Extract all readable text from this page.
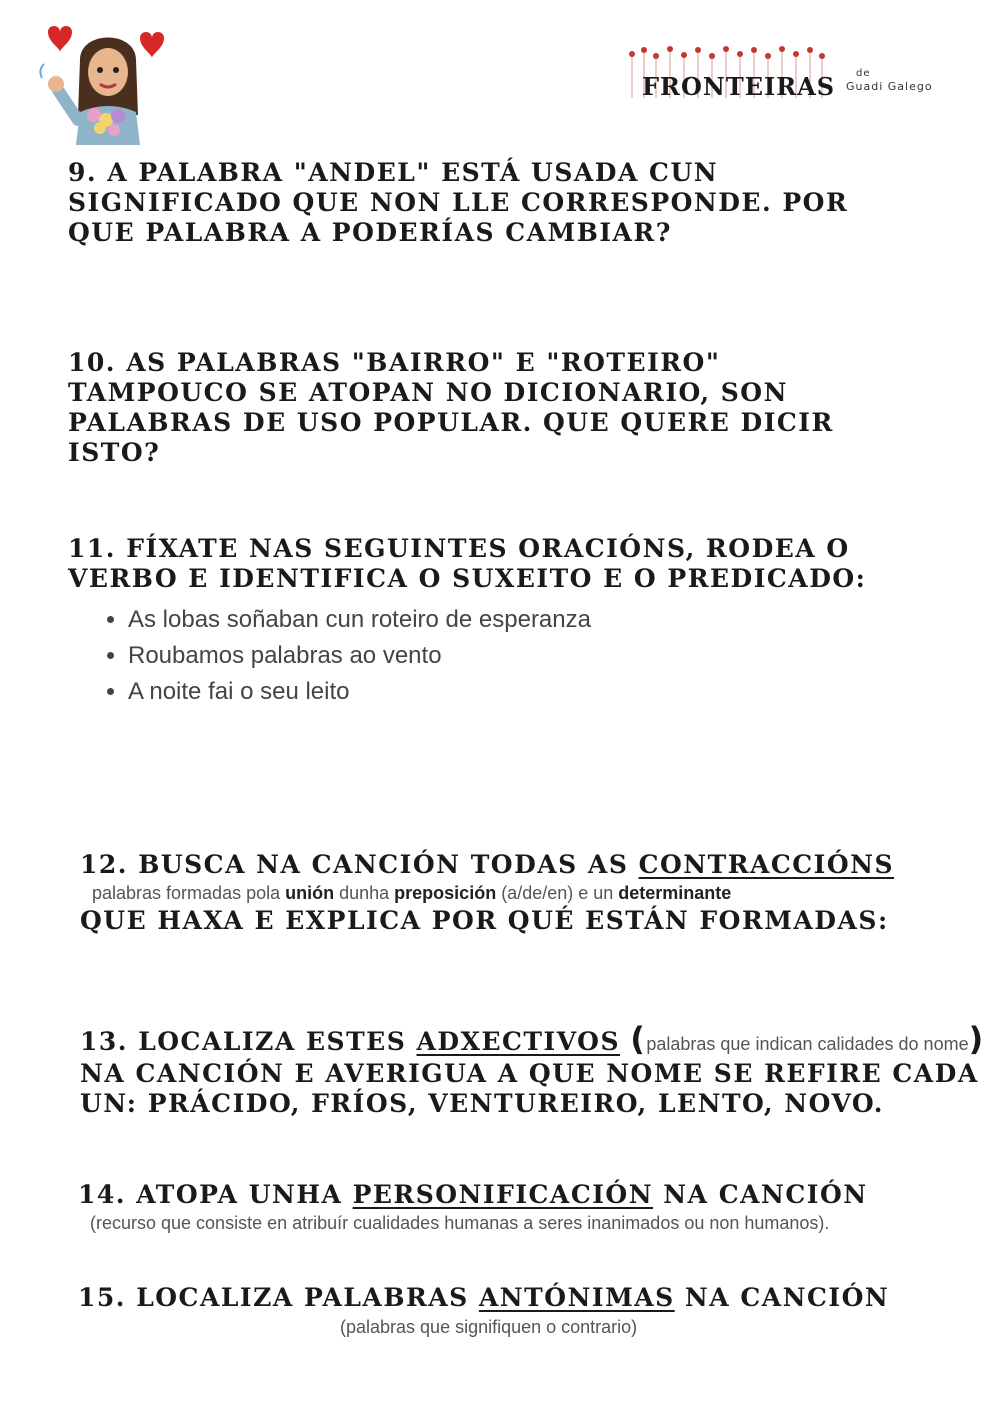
FRONTEIRAS de
Guadi Galego
9. A PALABRA "ANDEL" ESTÁ USADA CUN SIGNIFICADO QUE NON LLE CORRESPONDE. POR QUE PALABRA A PODERÍAS CAMBIAR?
10. AS PALABRAS "BAIRRO" E "ROTEIRO" TAMPOUCO SE ATOPAN NO DICIONARIO, SON PALABRAS DE USO POPULAR. QUE QUERE DICIR ISTO?
11. FÍXATE NAS SEGUINTES ORACIÓNS, RODEA O VERBO E IDENTIFICA O SUXEITO E O PREDICADO:
• As lobas soñaban cun roteiro de esperanza
• Roubamos palabras ao vento
• A noite fai o seu leito
12. BUSCA NA CANCIÓN TODAS AS CONTRACCIÓNS
palabras formadas pola unión dunha preposición (a/de/en) e un determinante
QUE HAXA E EXPLICA POR QUÉ ESTÁN FORMADAS:
13. LOCALIZA ESTES ADXECTIVOS (palabras que indican calidades do nome)
NA CANCIÓN E AVERIGUA A QUE NOME SE REFIRE CADA
UN: PRÁCIDO, FRÍOS, VENTUREIRO, LENTO, NOVO.
14. ATOPA UNHA PERSONIFICACIÓN NA CANCIÓN
(recurso que consiste en atribuír cualidades humanas a seres inanimados ou non humanos).
15. LOCALIZA PALABRAS ANTÓNIMAS NA CANCIÓN
(palabras que signifiquen o contrario)
